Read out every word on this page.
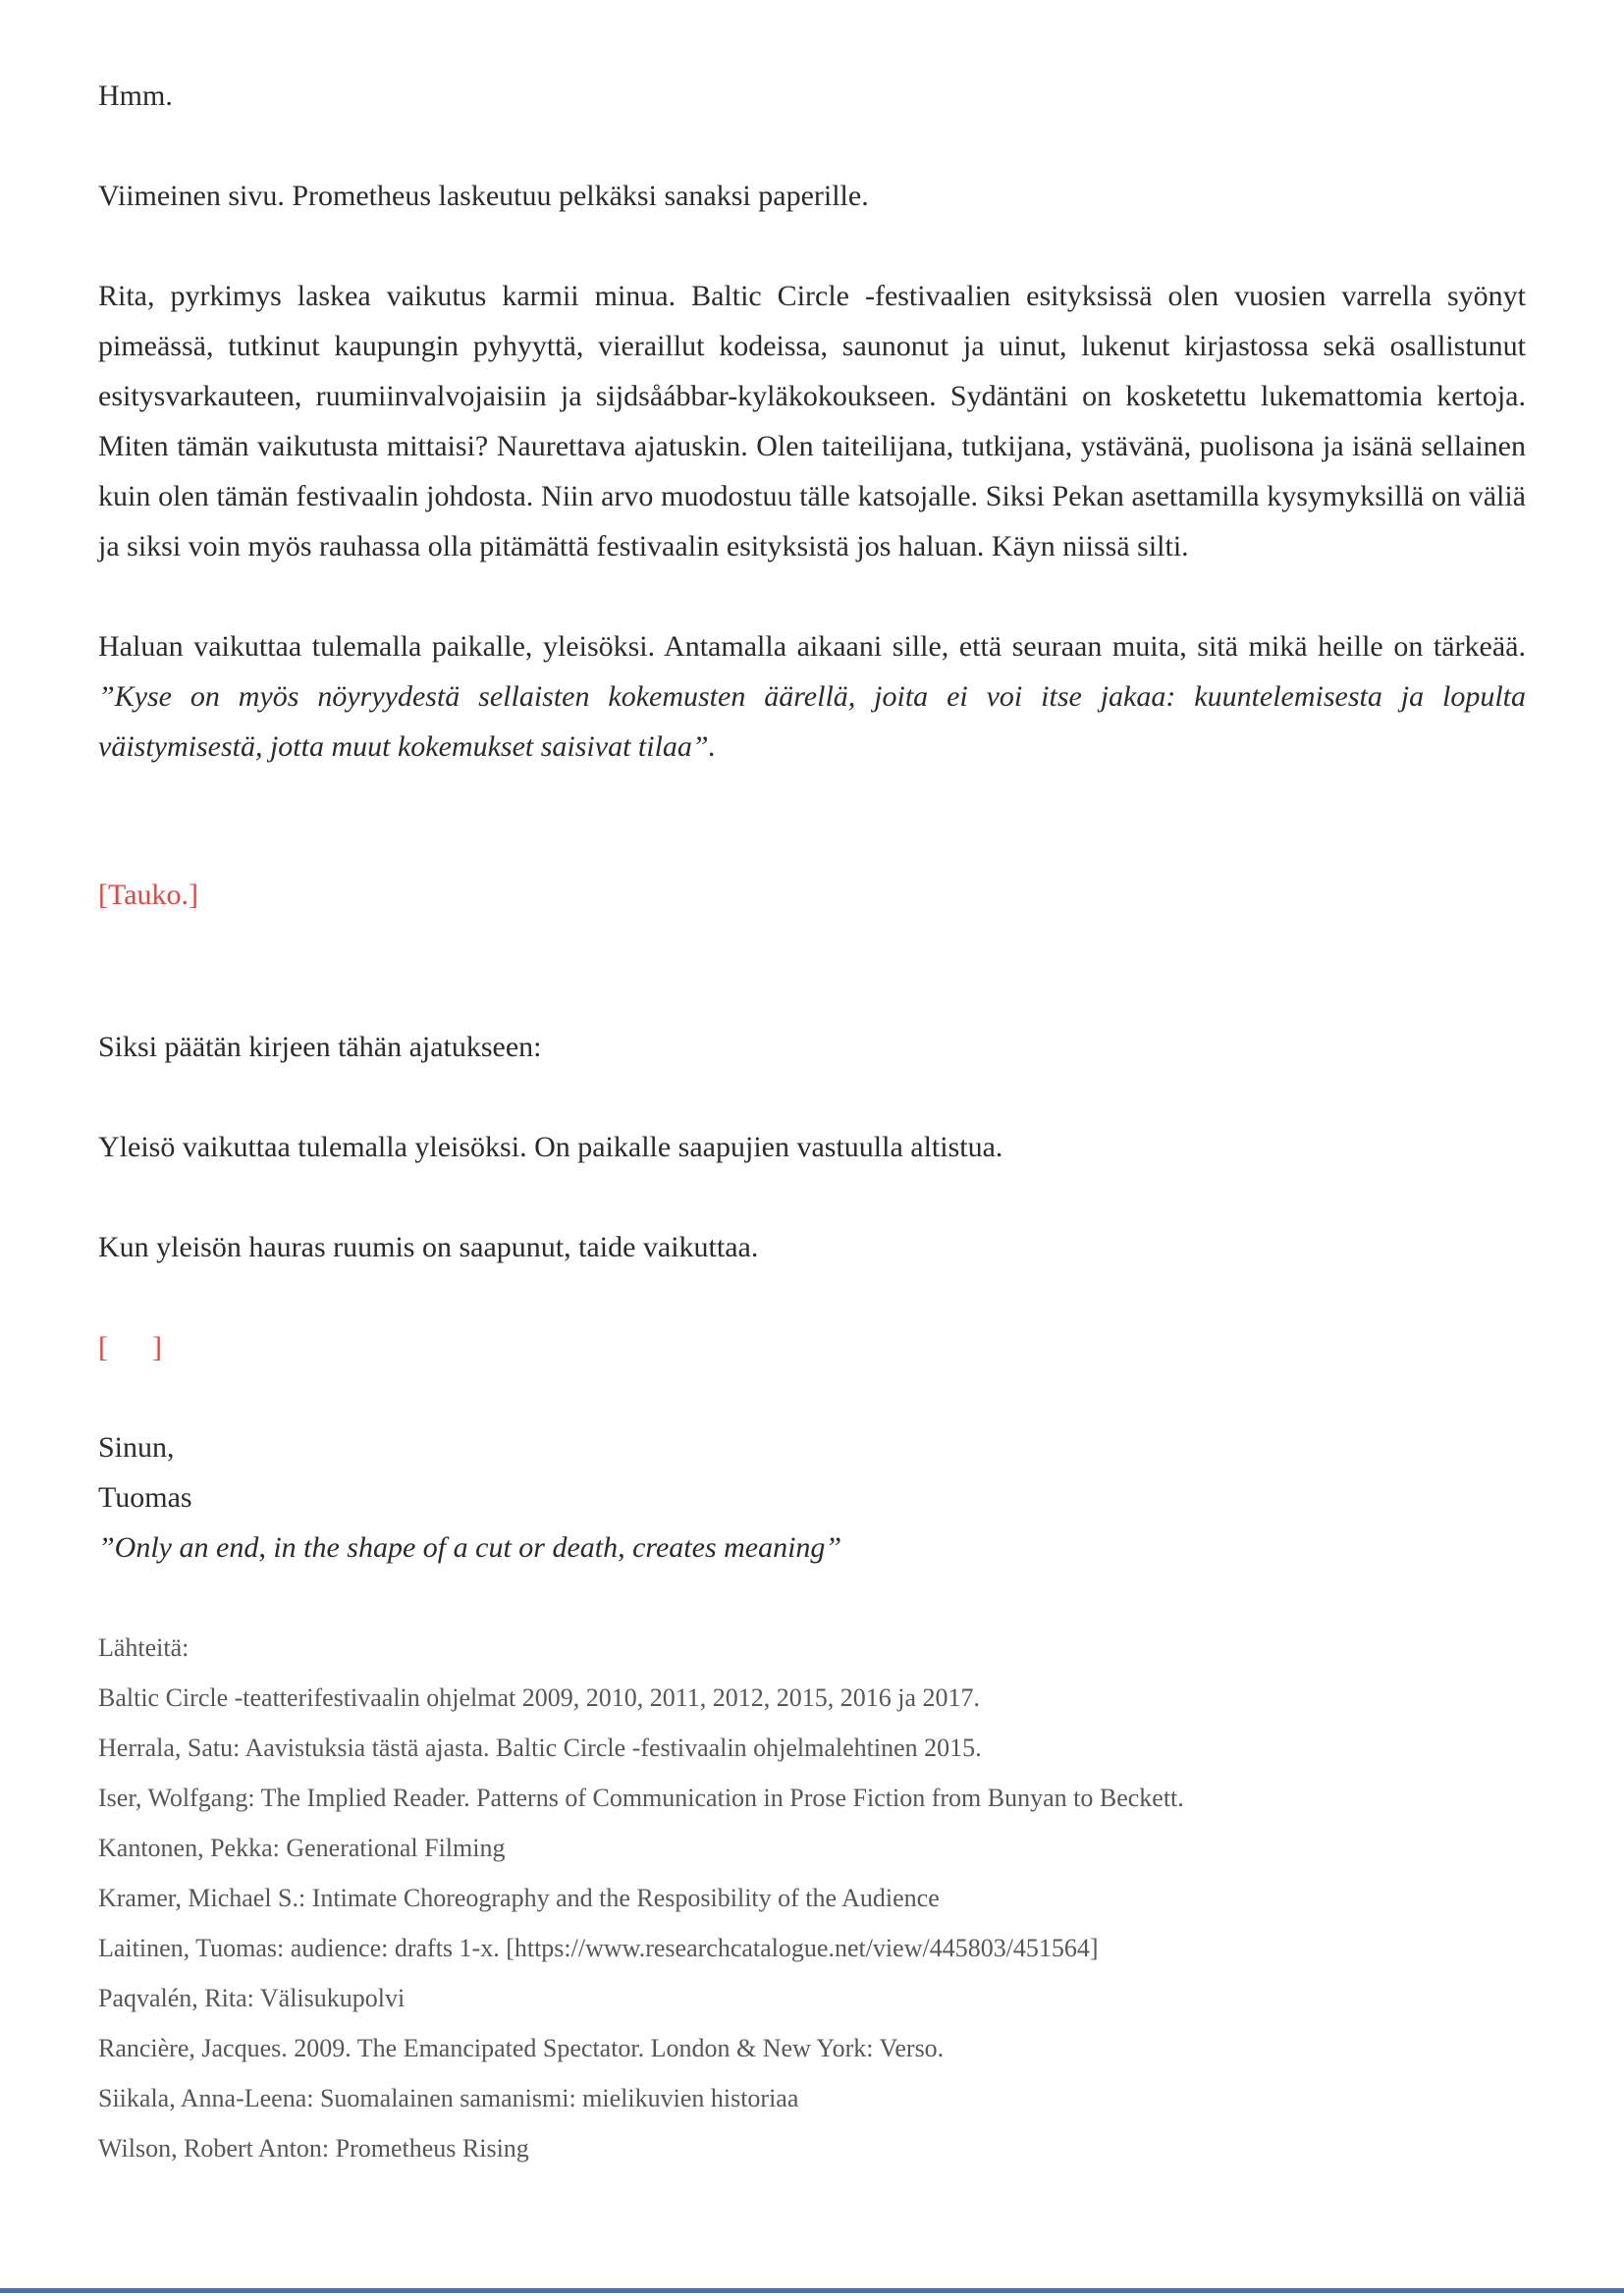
Hmm.

Viimeinen sivu. Prometheus laskeutuu pelkäksi sanaksi paperille.

Rita, pyrkimys laskea vaikutus karmii minua. Baltic Circle -festivaalien esityksissä olen vuosien varrella syönyt pimeässä, tutkinut kaupungin pyhyyttä, vieraillut kodeissa, saunonut ja uinut, lukenut kirjastossa sekä osallistunut esitysvarkauteen, ruumiinvalvojaisiin ja sijdsåábbar-kyläkokoukseen. Sydäntäni on kosketettu lukemattomia kertoja. Miten tämän vaikutusta mittaisi? Naurettava ajatuskin. Olen taiteilijana, tutkijana, ystävänä, puolisona ja isänä sellainen kuin olen tämän festivaalin johdosta. Niin arvo muodostuu tälle katsojalle. Siksi Pekan asettamilla kysymyksillä on väliä ja siksi voin myös rauhassa olla pitämättä festivaalin esityksistä jos haluan. Käyn niissä silti.

Haluan vaikuttaa tulemalla paikalle, yleisöksi. Antamalla aikaani sille, että seuraan muita, sitä mikä heille on tärkeää. ”Kyse on myös nöyryydestä sellaisten kokemusten äärellä, joita ei voi itse jakaa: kuuntelemisesta ja lopulta väistymisestä, jotta muut kokemukset saisivat tilaa”.

[Tauko.]

Siksi päätän kirjeen tähän ajatukseen:

Yleisö vaikuttaa tulemalla yleisöksi. On paikalle saapujien vastuulla altistua.

Kun yleisön hauras ruumis on saapunut, taide vaikuttaa.

[      ]

Sinun,

Tuomas

”Only an end, in the shape of a cut or death, creates meaning”

Lähteitä:

Baltic Circle -teatterifestivaalin ohjelmat 2009, 2010, 2011, 2012, 2015, 2016 ja 2017.

Herrala, Satu: Aavistuksia tästä ajasta. Baltic Circle -festivaalin ohjelmalehtinen 2015.

Iser, Wolfgang: The Implied Reader. Patterns of Communication in Prose Fiction from Bunyan to Beckett.

Kantonen, Pekka: Generational Filming

Kramer, Michael S.: Intimate Choreography and the Resposibility of the Audience

Laitinen, Tuomas: audience: drafts 1-x. [https://www.researchcatalogue.net/view/445803/451564]

Paqvalén, Rita: Välisukupolvi

Rancière, Jacques. 2009. The Emancipated Spectator. London & New York: Verso.

Siikala, Anna-Leena: Suomalainen samanismi: mielikuvien historiaa

Wilson, Robert Anton: Prometheus Rising
